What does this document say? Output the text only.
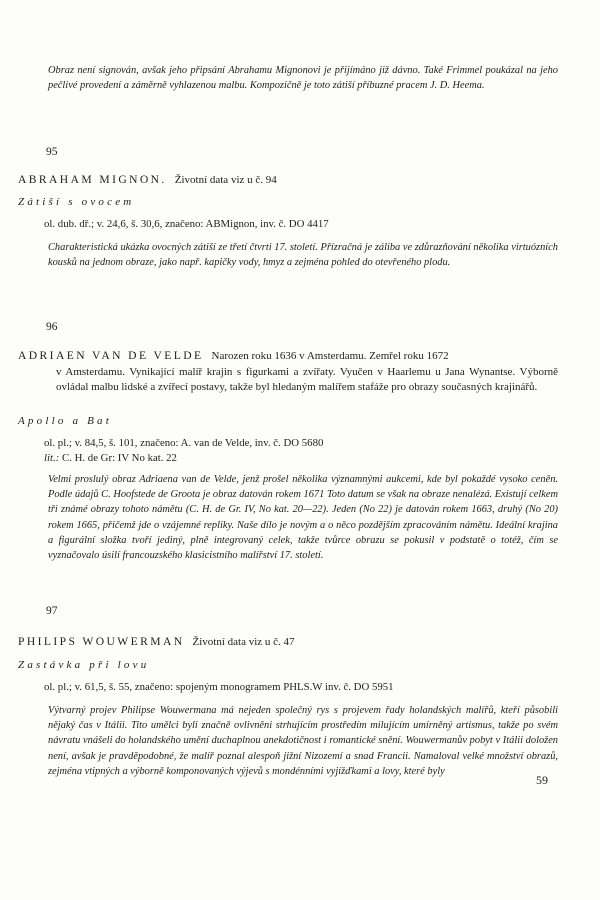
Obraz není signován, avšak jeho připsání Abrahamu Mignonovi je přijímáno již dávno. Také Frimmel poukázal na jeho pečlivé provedení a záměrně vyhlazenou malbu. Kompozičně je toto zátiší příbuzné pracem J. D. Heema.

95

ABRAHAM MIGNON. Životní data viz u č. 94

Zátiší s ovocem

ol. dub. dř.; v. 24,6, š. 30,6, značeno: ABMignon, inv. č. DO 4417

Charakteristická ukázka ovocných zátiší ze třetí čtvrti 17. století. Přízračná je záliba ve zdůrazňování několika virtuózních kousků na jednom obraze, jako např. kapičky vody, hmyz a zejména pohled do otevřeného plodu.

96

ADRIAEN VAN DE VELDE Narozen roku 1636 v Amsterdamu. Zemřel roku 1672
v Amsterdamu. Vynikající malíř krajin s figurkami a zvířaty. Vyučen v Haarlemu u Jana Wynantse. Výborně ovládal malbu lidské a zvířecí postavy, takže byl hledaným malířem stafáže pro obrazy současných krajinářů.

Apollo a Bat

ol. pl.; v. 84,5, š. 101, značeno: A. van de Velde, inv. č. DO 5680
lit.: C. H. de Gr: IV No kat. 22

Velmi proslulý obraz Adriaena van de Velde, jenž prošel několika významnými aukcemi, kde byl pokaždé vysoko ceněn. Podle údajů C. Hoofstede de Groota je obraz datován rokem 1671 Toto datum se však na obraze nenalézá. Existují celkem tři známé obrazy tohoto námětu (C. H. de Gr. IV, No kat. 20—22). Jeden (No 22) je datován rokem 1663, druhý (No 20) rokem 1665, přičemž jde o vzájemné repliky. Naše dílo je novým a o něco pozdějším zpracováním námětu. Ideální krajina a figurální složka tvoří jediný, plně integrovaný celek, takže tvůrce obrazu se pokusil v podstatě o totéž, čím se vyznačovalo úsilí francouzského klasicistního malířství 17. století.

97

PHILIPS WOUWERMAN Životní data viz u č. 47

Zastávka při lovu

ol. pl.; v. 61,5, š. 55, značeno: spojeným monogramem PHLS.W inv. č. DO 5951

Výtvarný projev Philipse Wouwermana má nejeden společný rys s projevem řady holandských malířů, kteří působili nějaký čas v Itálii. Tito umělci byli značně ovlivněni strhujícím prostředím milujícím umírněný artismus, takže po svém návratu vnášeli do holandského umění duchaplnou anekdotičnost i romantické snění. Wouwermanův pobyt v Itálii doložen není, avšak je pravděpodobné, že malíř poznal alespoň jižní Nizozemí a snad Francii. Namaloval velké množství obrazů, zejména vtipných a výborně komponovaných výjevů s mondénními vyjížďkami a lovy, které byly

59
